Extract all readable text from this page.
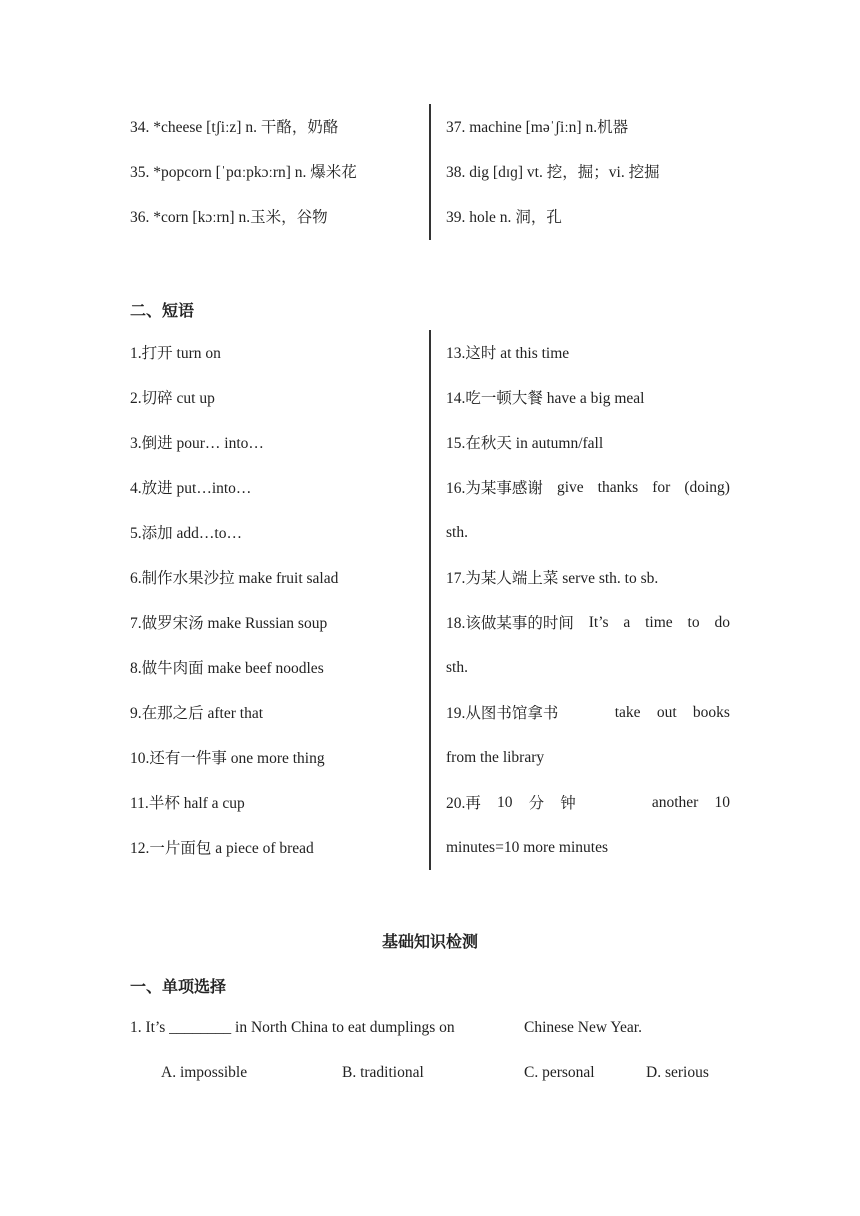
34. *cheese [tʃiːz] n. 干酪，奶酪
35. *popcorn [ˈpɑːpkɔːrn] n. 爆米花
36. *corn [kɔːrn] n.玉米，谷物
37. machine [məˈʃiːn] n.机器
38. dig [dɪɡ] vt. 挖，掘；vi. 挖掘
39. hole n. 洞，孔
二、短语
1.打开 turn on
2.切碎 cut up
3.倒进 pour… into…
4.放进 put…into…
5.添加 add…to…
6.制作水果沙拉 make fruit salad
7.做罗宋汤 make Russian soup
8.做牛肉面 make beef noodles
9.在那之后 after that
10.还有一件事 one more thing
11.半杯 half a cup
12.一片面包 a piece of bread
13.这时 at this time
14.吃一顿大餐 have a big meal
15.在秋天 in autumn/fall
16.为某事感谢 give thanks for (doing)
sth.
17.为某人端上菜 serve sth. to sb.
18.该做某事的时间 It’s a time to do
sth.
19.从图书馆拿书	take out books
from the library
20.再 10 分 钟	another 10
minutes=10 more minutes
基础知识检测
一、单项选择
1. It’s ________ in North China to eat dumplings on	Chinese New Year.
A. impossible	B. traditional	C. personal	D. serious
